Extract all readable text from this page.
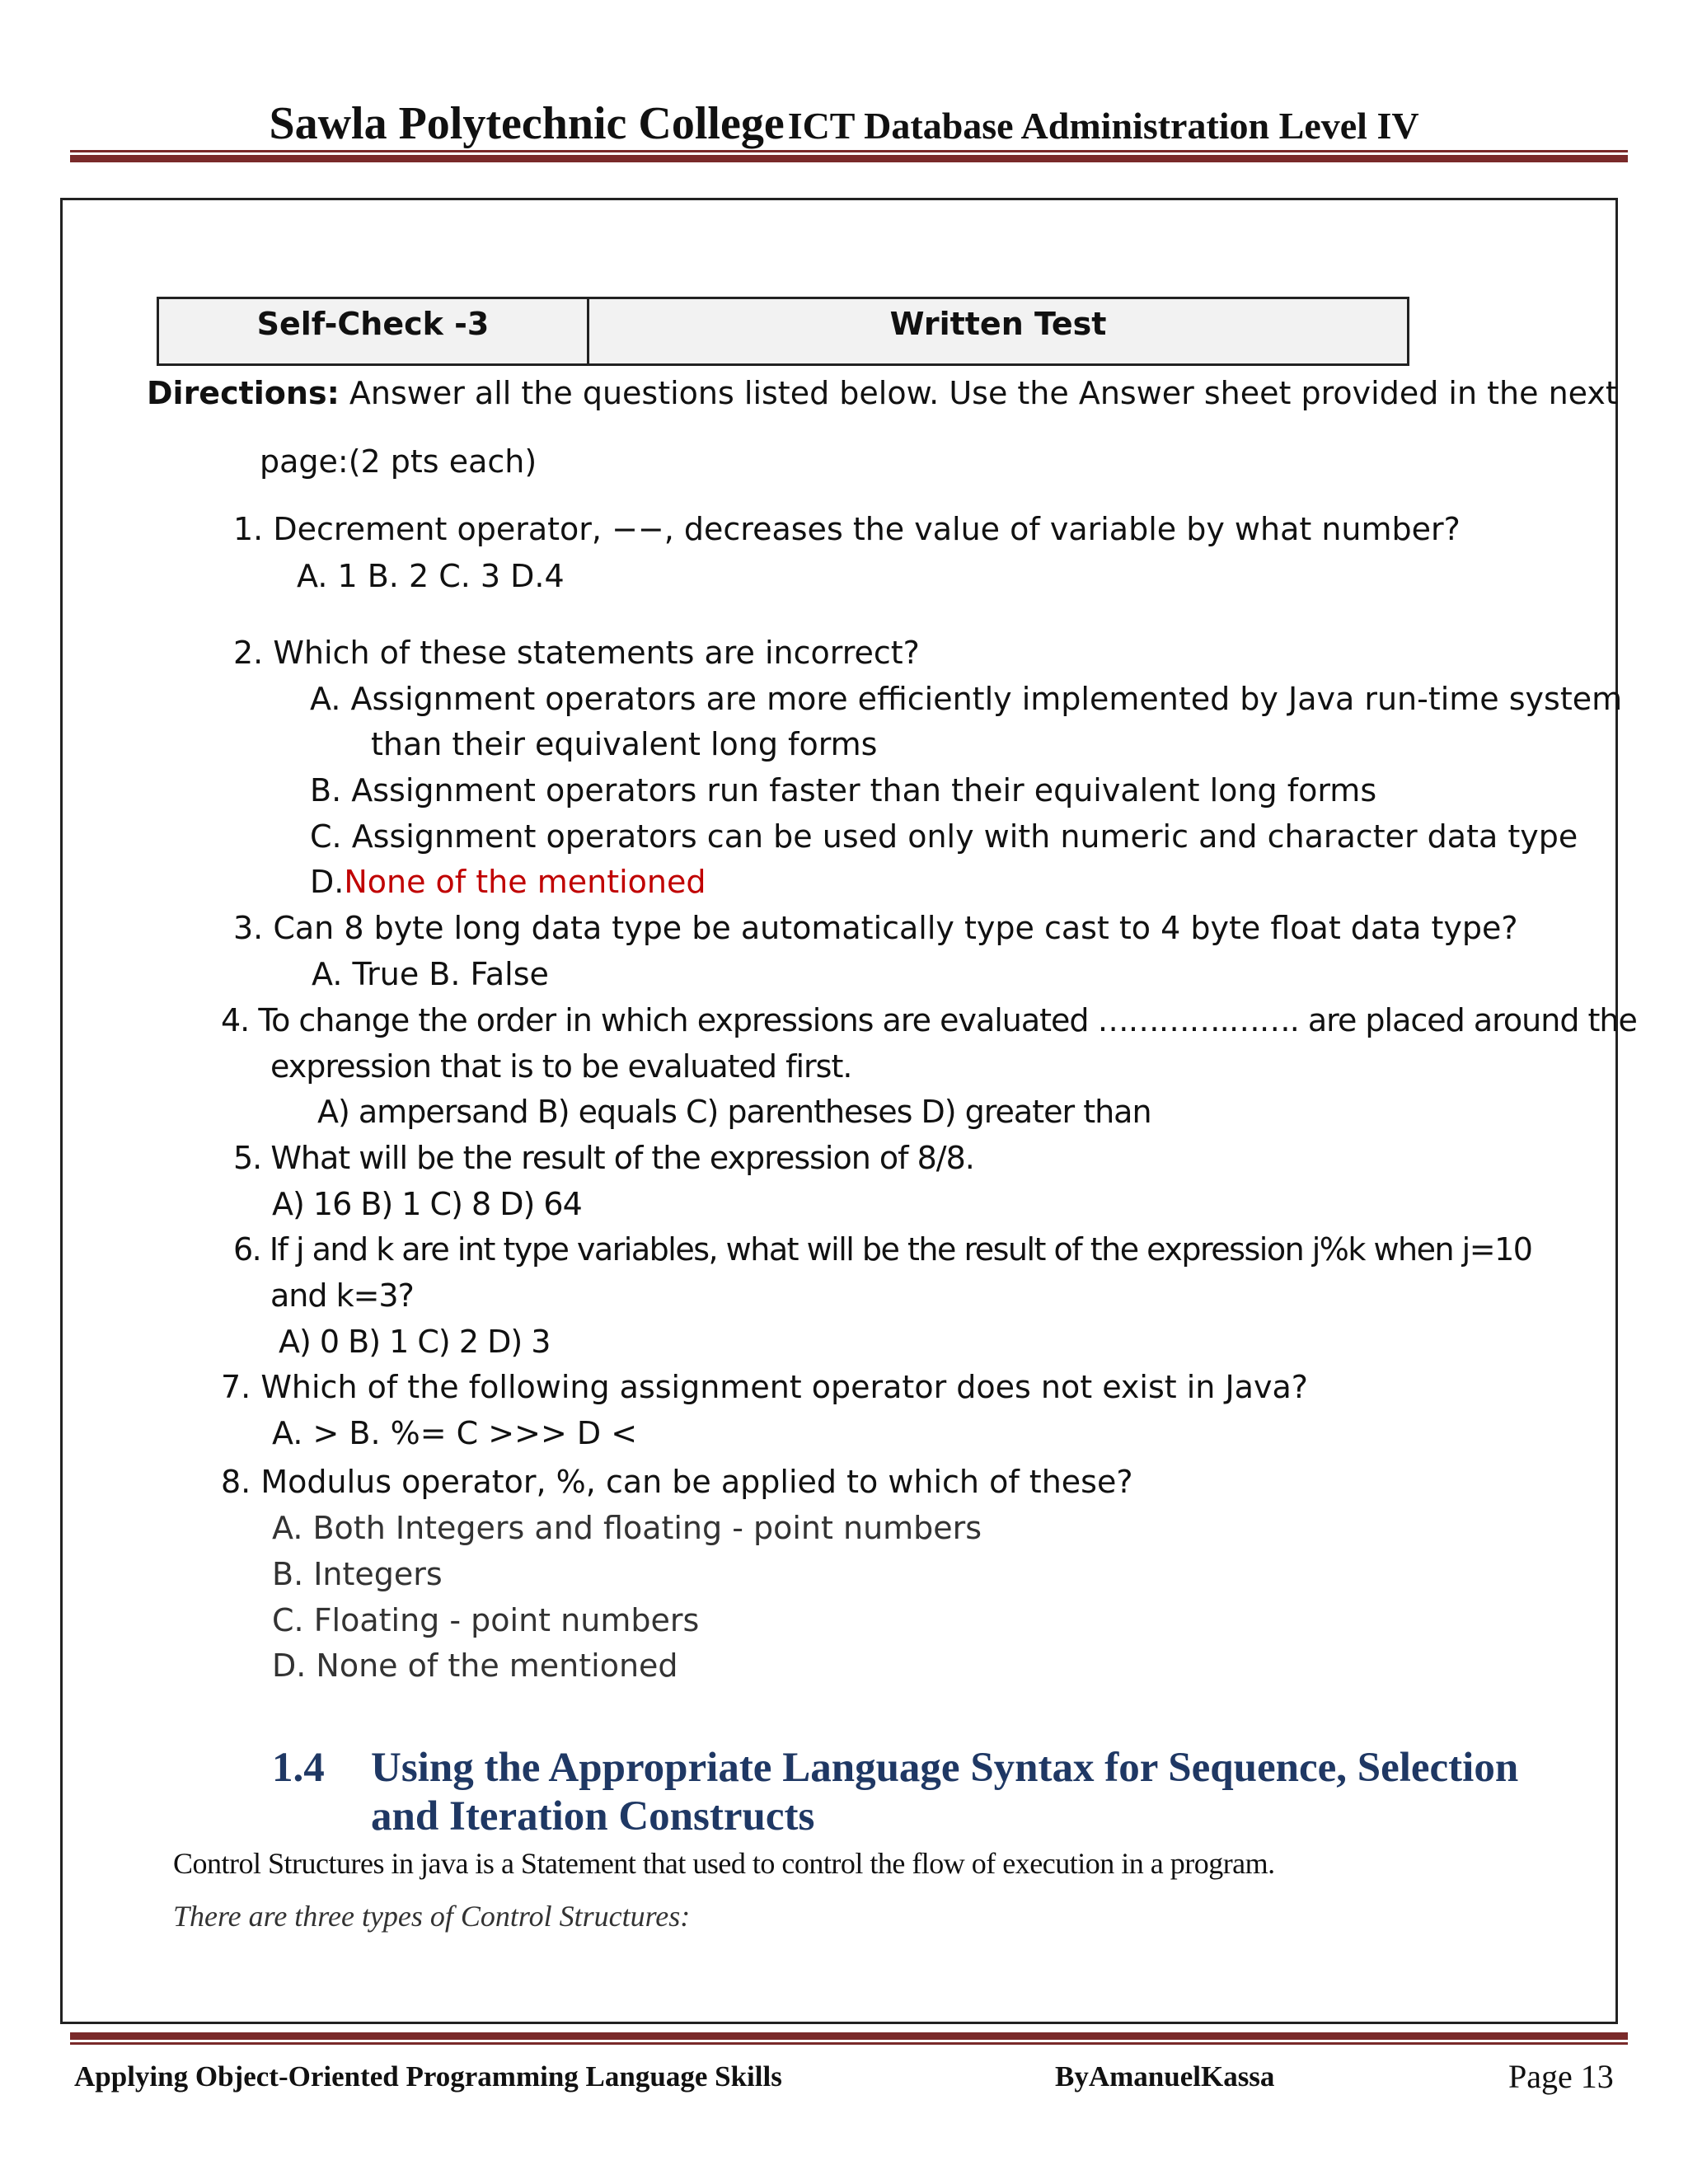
Sawla Polytechnic College ICT Database Administration Level IV
Self-Check -3	Written Test
Directions: Answer all the questions listed below. Use the Answer sheet provided in the next
page:(2 pts each)
1. Decrement operator, −−, decreases the value of variable by what number?
A. 1 B. 2 C. 3 D.4
2. Which of these statements are incorrect?
A. Assignment operators are more efficiently implemented by Java run-time system
than their equivalent long forms
B. Assignment operators run faster than their equivalent long forms
C. Assignment operators can be used only with numeric and character data type
D.None of the mentioned
3. Can 8 byte long data type be automatically type cast to 4 byte float data type?
A. True B. False
4. To change the order in which expressions are evaluated ………….……. are placed around the
expression that is to be evaluated first.
A) ampersand B) equals C) parentheses D) greater than
5. What will be the result of the expression of 8/8.
A) 16 B) 1 C) 8 D) 64
6. If j and k are int type variables, what will be the result of the expression j%k when j=10
and k=3?
A) 0 B) 1 C) 2 D) 3
7. Which of the following assignment operator does not exist in Java?
A. > B. %= C >>> D <
8. Modulus operator, %, can be applied to which of these?
A. Both Integers and floating - point numbers
B. Integers
C. Floating - point numbers
D. None of the mentioned
1.4 Using the Appropriate Language Syntax for Sequence, Selection
and Iteration Constructs
Control Structures in java is a Statement that used to control the flow of execution in a program.
There are three types of Control Structures:
Applying Object-Oriented Programming Language Skills	ByAmanuelKassa	Page 13
